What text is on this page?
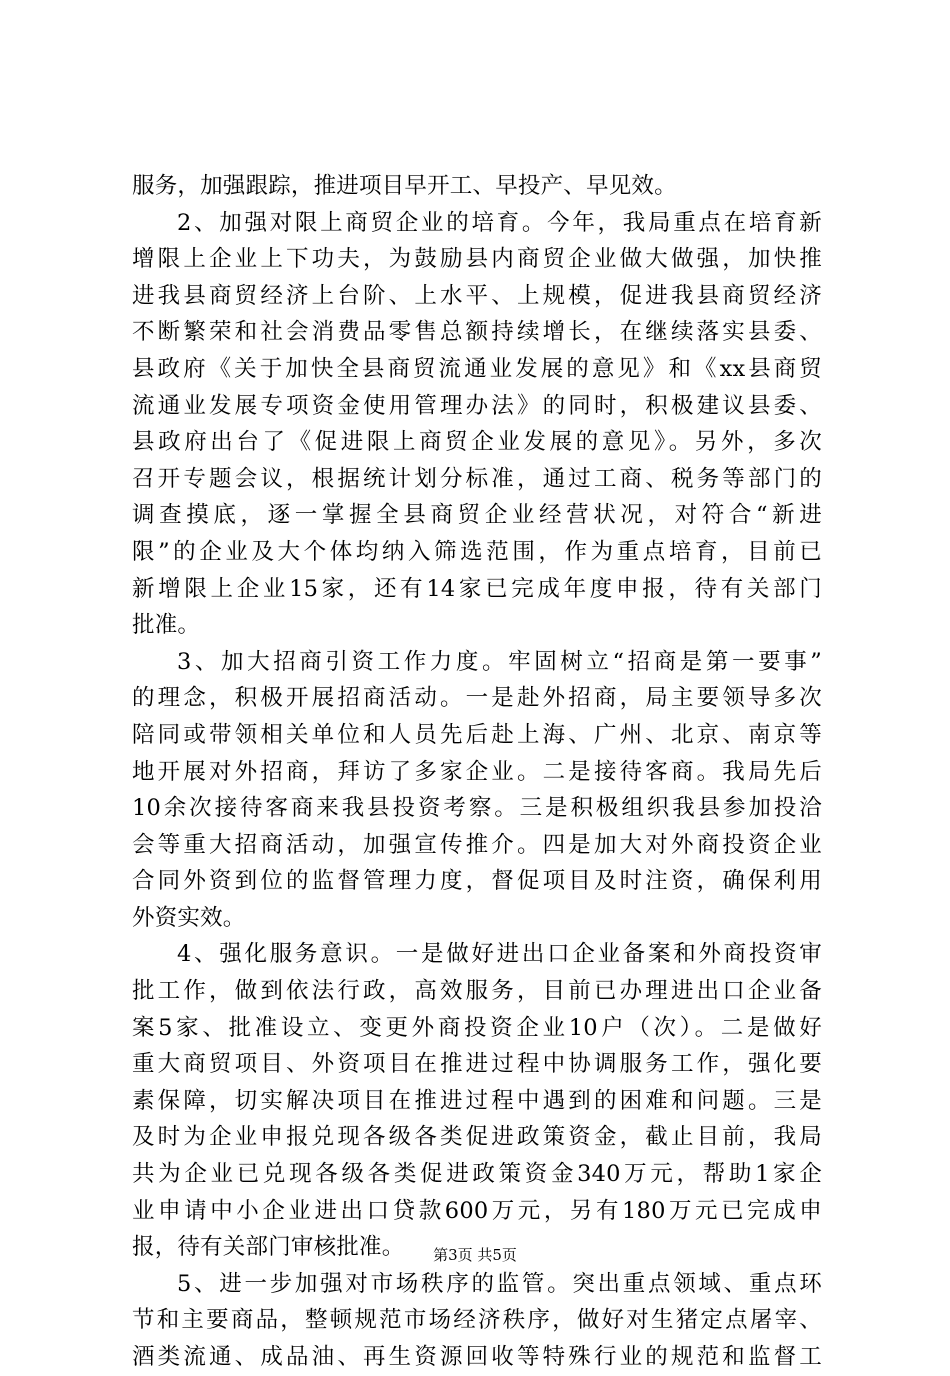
服务，加强跟踪，推进项目早开工、早投产、早见效。
2、加强对限上商贸企业的培育。今年，我局重点在培育新
增限上企业上下功夫，为鼓励县内商贸企业做大做强，加快推
进我县商贸经济上台阶、上水平、上规模，促进我县商贸经济
不断繁荣和社会消费品零售总额持续增长，在继续落实县委、
县政府《关于加快全县商贸流通业发展的意见》和《xx县商贸
流通业发展专项资金使用管理办法》的同时，积极建议县委、
县政府出台了《促进限上商贸企业发展的意见》。另外，多次
召开专题会议，根据统计划分标准，通过工商、税务等部门的
调查摸底，逐一掌握全县商贸企业经营状况，对符合“新进
限”的企业及大个体均纳入筛选范围，作为重点培育，目前已
新增限上企业15家，还有14家已完成年度申报，待有关部门
批准。
3、加大招商引资工作力度。牢固树立“招商是第一要事”
的理念，积极开展招商活动。一是赴外招商，局主要领导多次
陪同或带领相关单位和人员先后赴上海、广州、北京、南京等
地开展对外招商，拜访了多家企业。二是接待客商。我局先后
10余次接待客商来我县投资考察。三是积极组织我县参加投洽
会等重大招商活动，加强宣传推介。四是加大对外商投资企业
合同外资到位的监督管理力度，督促项目及时注资，确保利用
外资实效。
4、强化服务意识。一是做好进出口企业备案和外商投资审
批工作，做到依法行政，高效服务，目前已办理进出口企业备
案5家、批准设立、变更外商投资企业10户（次）。二是做好
重大商贸项目、外资项目在推进过程中协调服务工作，强化要
素保障，切实解决项目在推进过程中遇到的困难和问题。三是
及时为企业申报兑现各级各类促进政策资金，截止目前，我局
共为企业已兑现各级各类促进政策资金340万元，帮助1家企
业申请中小企业进出口贷款600万元，另有180万元已完成申
报，待有关部门审核批准。
5、进一步加强对市场秩序的监管。突出重点领域、重点环
节和主要商品，整顿规范市场经济秩序，做好对生猪定点屠宰、
酒类流通、成品油、再生资源回收等特殊行业的规范和监督工
第3页 共5页
